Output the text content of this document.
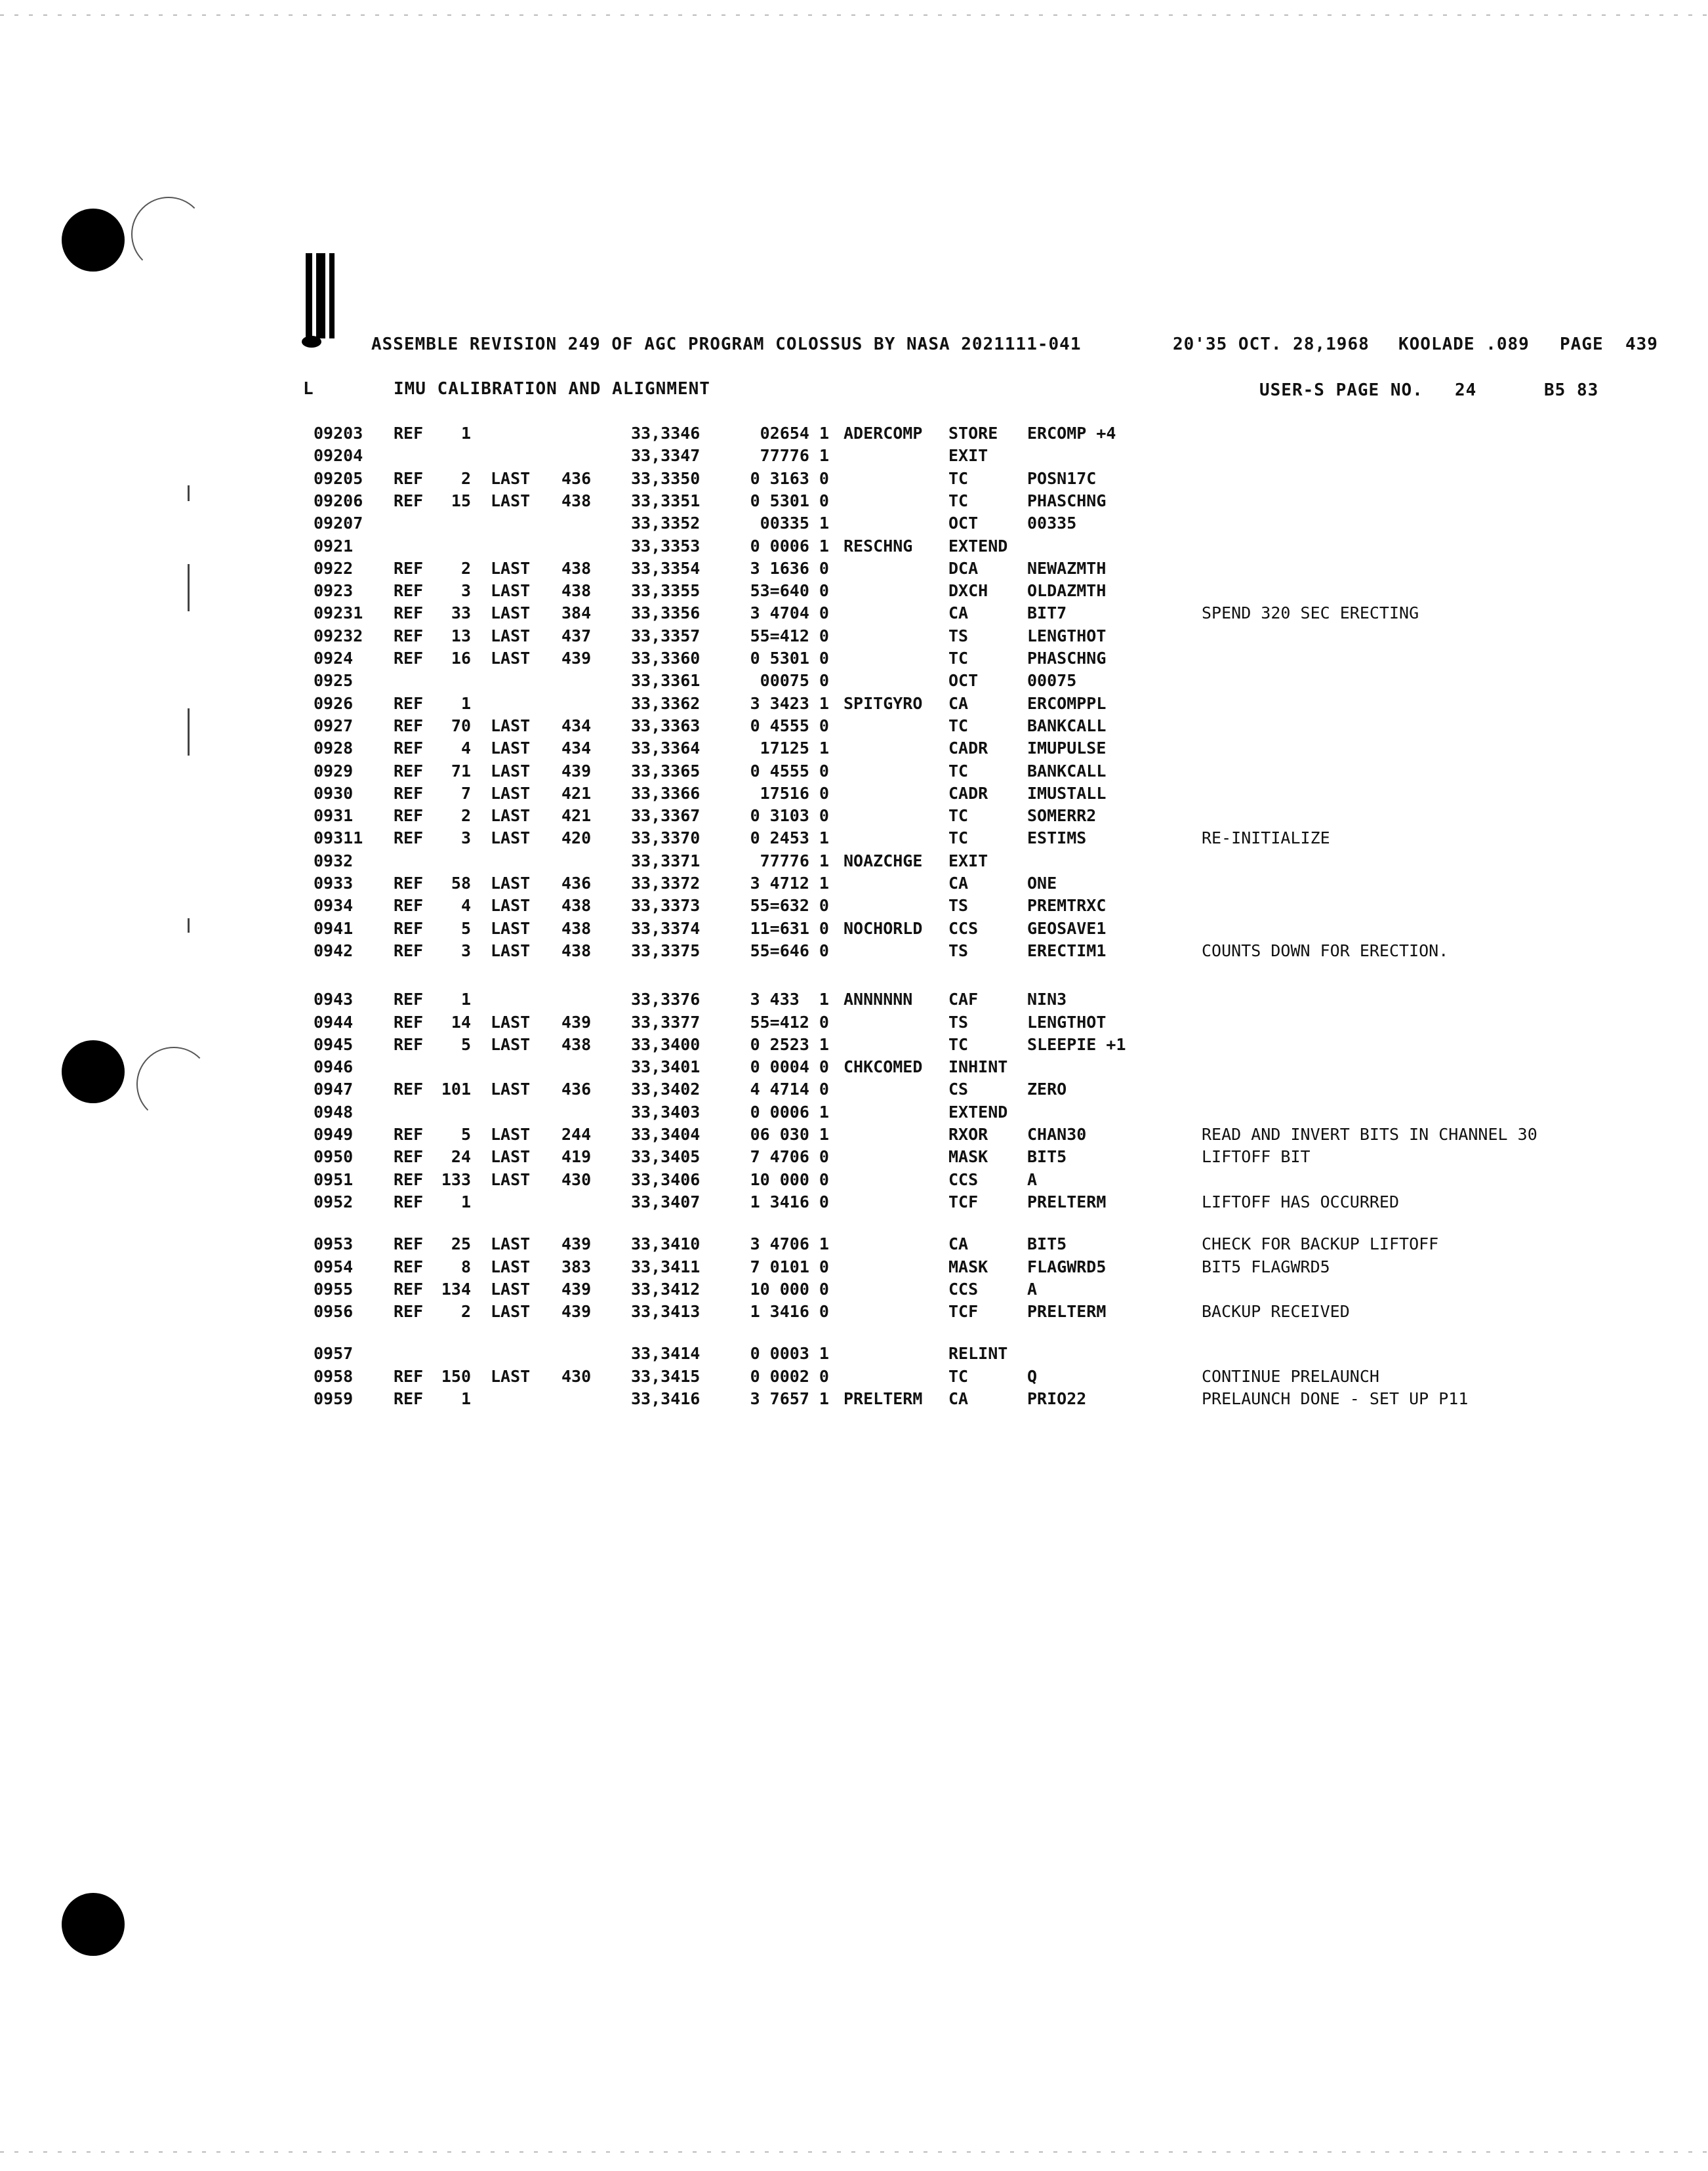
ASSEMBLE REVISION 249 OF AGC PROGRAM COLOSSUS BY NASA 2021111-041	20'35 OCT. 28,1968 KOOLADE .089 PAGE 439
L	IMU CALIBRATION AND ALIGNMENT	USER-S PAGE NO. 24	B5 83
09203 REF	1	33,3346	02654 1 ADERCOMP STORE ERCOMP +4
09204	33,3347	77776 1	EXIT
09205 REF	2 LAST 436 33,3350	0 3163 0	TC	POSN17C
09206 REF	15 LAST 438 33,3351	0 5301 0	TC	PHASCHNG
09207	33,3352	00335 1	OCT	00335
0921	33,3353	0 0006 1 RESCHNG EXTEND
0922 REF	2 LAST 438 33,3354	3 1636 0	DCA	NEWAZMTH
0923 REF	3 LAST 438 33,3355	53=640 0	DXCH OLDAZMTH
09231 REF	33 LAST 384 33,3356	3 4704 0	CA	BIT7	SPEND 320 SEC ERECTING
09232 REF	13 LAST 437 33,3357	55=412 0	TS	LENGTHOT
0924 REF	16 LAST 439 33,3360	0 5301 0	TC	PHASCHNG
0925	33,3361	00075 0	OCT	00075
0926 REF	1	33,3362	3 3423 1 SPITGYRO CA	ERCOMPPL
0927 REF	70 LAST 434 33,3363	0 4555 0	TC	BANKCALL
0928 REF	4 LAST 434 33,3364	17125 1	CADR IMUPULSE
0929 REF	71 LAST 439 33,3365	0 4555 0	TC	BANKCALL
0930 REF	7 LAST 421 33,3366	17516 0	CADR IMUSTALL
0931 REF	2 LAST 421 33,3367	0 3103 0	TC	SOMERR2
09311 REF	3 LAST 420 33,3370	0 2453 1	TC	ESTIMS	RE-INITIALIZE
0932	33,3371	77776 1 NOAZCHGE EXIT
0933 REF	58 LAST 436 33,3372	3 4712 1	CA	ONE
0934 REF	4 LAST 438 33,3373	55=632 0	TS	PREMTRXC
0941 REF	5 LAST 438 33,3374	11=631 0 NOCHORLD CCS	GEOSAVE1
0942 REF	3 LAST 438 33,3375	55=646 0	TS	ERECTIM1	COUNTS DOWN FOR ERECTION.
0943 REF	1	33,3376	3 433  1 ANNNNNN CAF	NIN3
0944 REF	14 LAST 439 33,3377	55=412 0	TS	LENGTHOT
0945 REF	5 LAST 438 33,3400	0 2523 1	TC	SLEEPIE +1
0946	33,3401	0 0004 0 CHKCOMED INHINT
0947 REF	101 LAST 436 33,3402	4 4714 0	CS	ZERO
0948	33,3403	0 0006 1	EXTEND
0949 REF	5 LAST 244 33,3404	06 030 1	RXOR CHAN30	READ AND INVERT BITS IN CHANNEL 30
0950 REF	24 LAST 419 33,3405	7 4706 0	MASK BIT5	LIFTOFF BIT
0951 REF	133 LAST 430 33,3406	10 000 0	CCS	A
0952 REF	1	33,3407	1 3416 0	TCF	PRELTERM	LIFTOFF HAS OCCURRED
0953 REF	25 LAST 439 33,3410	3 4706 1	CA	BIT5	CHECK FOR BACKUP LIFTOFF
0954 REF	8 LAST 383 33,3411	7 0101 0	MASK FLAGWRD5	BIT5 FLAGWRD5
0955 REF	134 LAST 439 33,3412	10 000 0	CCS	A
0956 REF	2 LAST 439 33,3413	1 3416 0	TCF	PRELTERM	BACKUP RECEIVED
0957	33,3414	0 0003 1	RELINT
0958 REF	150 LAST 430 33,3415	0 0002 0	TC	Q	CONTINUE PRELAUNCH
0959 REF	1	33,3416	3 7657 1 PRELTERM CA	PRIO22	PRELAUNCH DONE - SET UP P11
